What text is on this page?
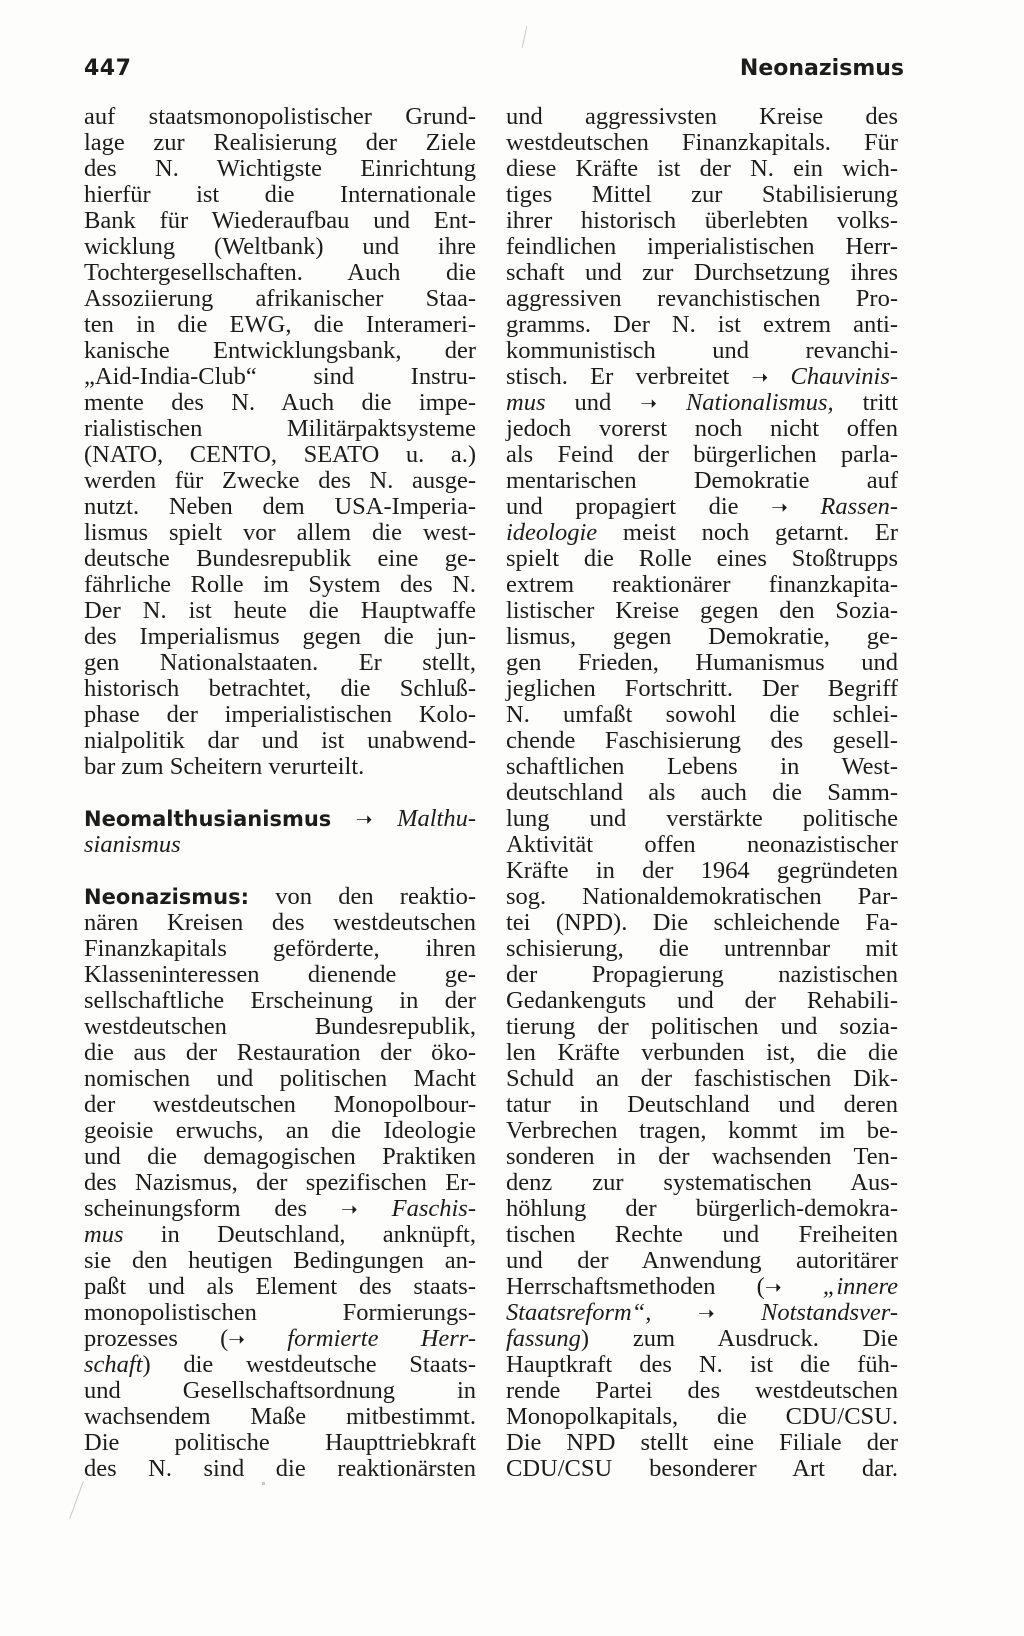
447	Neonazismus
auf staatsmonopolistischer Grund-
lage zur Realisierung der Ziele
des N. Wichtigste Einrichtung
hierfür ist die Internationale
Bank für Wiederaufbau und Ent-
wicklung (Weltbank) und ihre
Tochtergesellschaften. Auch die
Assoziierung afrikanischer Staa-
ten in die EWG, die Interameri-
kanische Entwicklungsbank, der
„Aid-India-Club“ sind Instru-
mente des N. Auch die impe-
rialistischen Militärpaktsysteme
(NATO, CENTO, SEATO u. a.)
werden für Zwecke des N. ausge-
nutzt. Neben dem USA-Imperia-
lismus spielt vor allem die west-
deutsche Bundesrepublik eine ge-
fährliche Rolle im System des N.
Der N. ist heute die Hauptwaffe
des Imperialismus gegen die jun-
gen Nationalstaaten. Er stellt,
historisch betrachtet, die Schluß-
phase der imperialistischen Kolo-
nialpolitik dar und ist unabwend-
bar zum Scheitern verurteilt.
Neomalthusianismus ➝ Malthu-
sianismus
Neonazismus: von den reaktio-
nären Kreisen des westdeutschen
Finanzkapitals geförderte, ihren
Klasseninteressen dienende ge-
sellschaftliche Erscheinung in der
westdeutschen Bundesrepublik,
die aus der Restauration der öko-
nomischen und politischen Macht
der westdeutschen Monopolbour-
geoisie erwuchs, an die Ideologie
und die demagogischen Praktiken
des Nazismus, der spezifischen Er-
scheinungsform des ➝ Faschis-
mus in Deutschland, anknüpft,
sie den heutigen Bedingungen an-
paßt und als Element des staats-
monopolistischen Formierungs-
prozesses (➝ formierte Herr-
schaft) die westdeutsche Staats-
und Gesellschaftsordnung in
wachsendem Maße mitbestimmt.
Die politische Haupttriebkraft
des N. sind die reaktionärsten
und aggressivsten Kreise des
westdeutschen Finanzkapitals. Für
diese Kräfte ist der N. ein wich-
tiges Mittel zur Stabilisierung
ihrer historisch überlebten volks-
feindlichen imperialistischen Herr-
schaft und zur Durchsetzung ihres
aggressiven revanchistischen Pro-
gramms. Der N. ist extrem anti-
kommunistisch und revanchi-
stisch. Er verbreitet ➝ Chauvinis-
mus und ➝ Nationalismus, tritt
jedoch vorerst noch nicht offen
als Feind der bürgerlichen parla-
mentarischen Demokratie auf
und propagiert die ➝ Rassen-
ideologie meist noch getarnt. Er
spielt die Rolle eines Stoßtrupps
extrem reaktionärer finanzkapita-
listischer Kreise gegen den Sozia-
lismus, gegen Demokratie, ge-
gen Frieden, Humanismus und
jeglichen Fortschritt. Der Begriff
N. umfaßt sowohl die schlei-
chende Faschisierung des gesell-
schaftlichen Lebens in West-
deutschland als auch die Samm-
lung und verstärkte politische
Aktivität offen neonazistischer
Kräfte in der 1964 gegründeten
sog. Nationaldemokratischen Par-
tei (NPD). Die schleichende Fa-
schisierung, die untrennbar mit
der Propagierung nazistischen
Gedankenguts und der Rehabili-
tierung der politischen und sozia-
len Kräfte verbunden ist, die die
Schuld an der faschistischen Dik-
tatur in Deutschland und deren
Verbrechen tragen, kommt im be-
sonderen in der wachsenden Ten-
denz zur systematischen Aus-
höhlung der bürgerlich-demokra-
tischen Rechte und Freiheiten
und der Anwendung autoritärer
Herrschaftsmethoden (➝ „innere
Staatsreform“, ➝ Notstandsver-
fassung) zum Ausdruck. Die
Hauptkraft des N. ist die füh-
rende Partei des westdeutschen
Monopolkapitals, die CDU/CSU.
Die NPD stellt eine Filiale der
CDU/CSU besonderer Art dar.
